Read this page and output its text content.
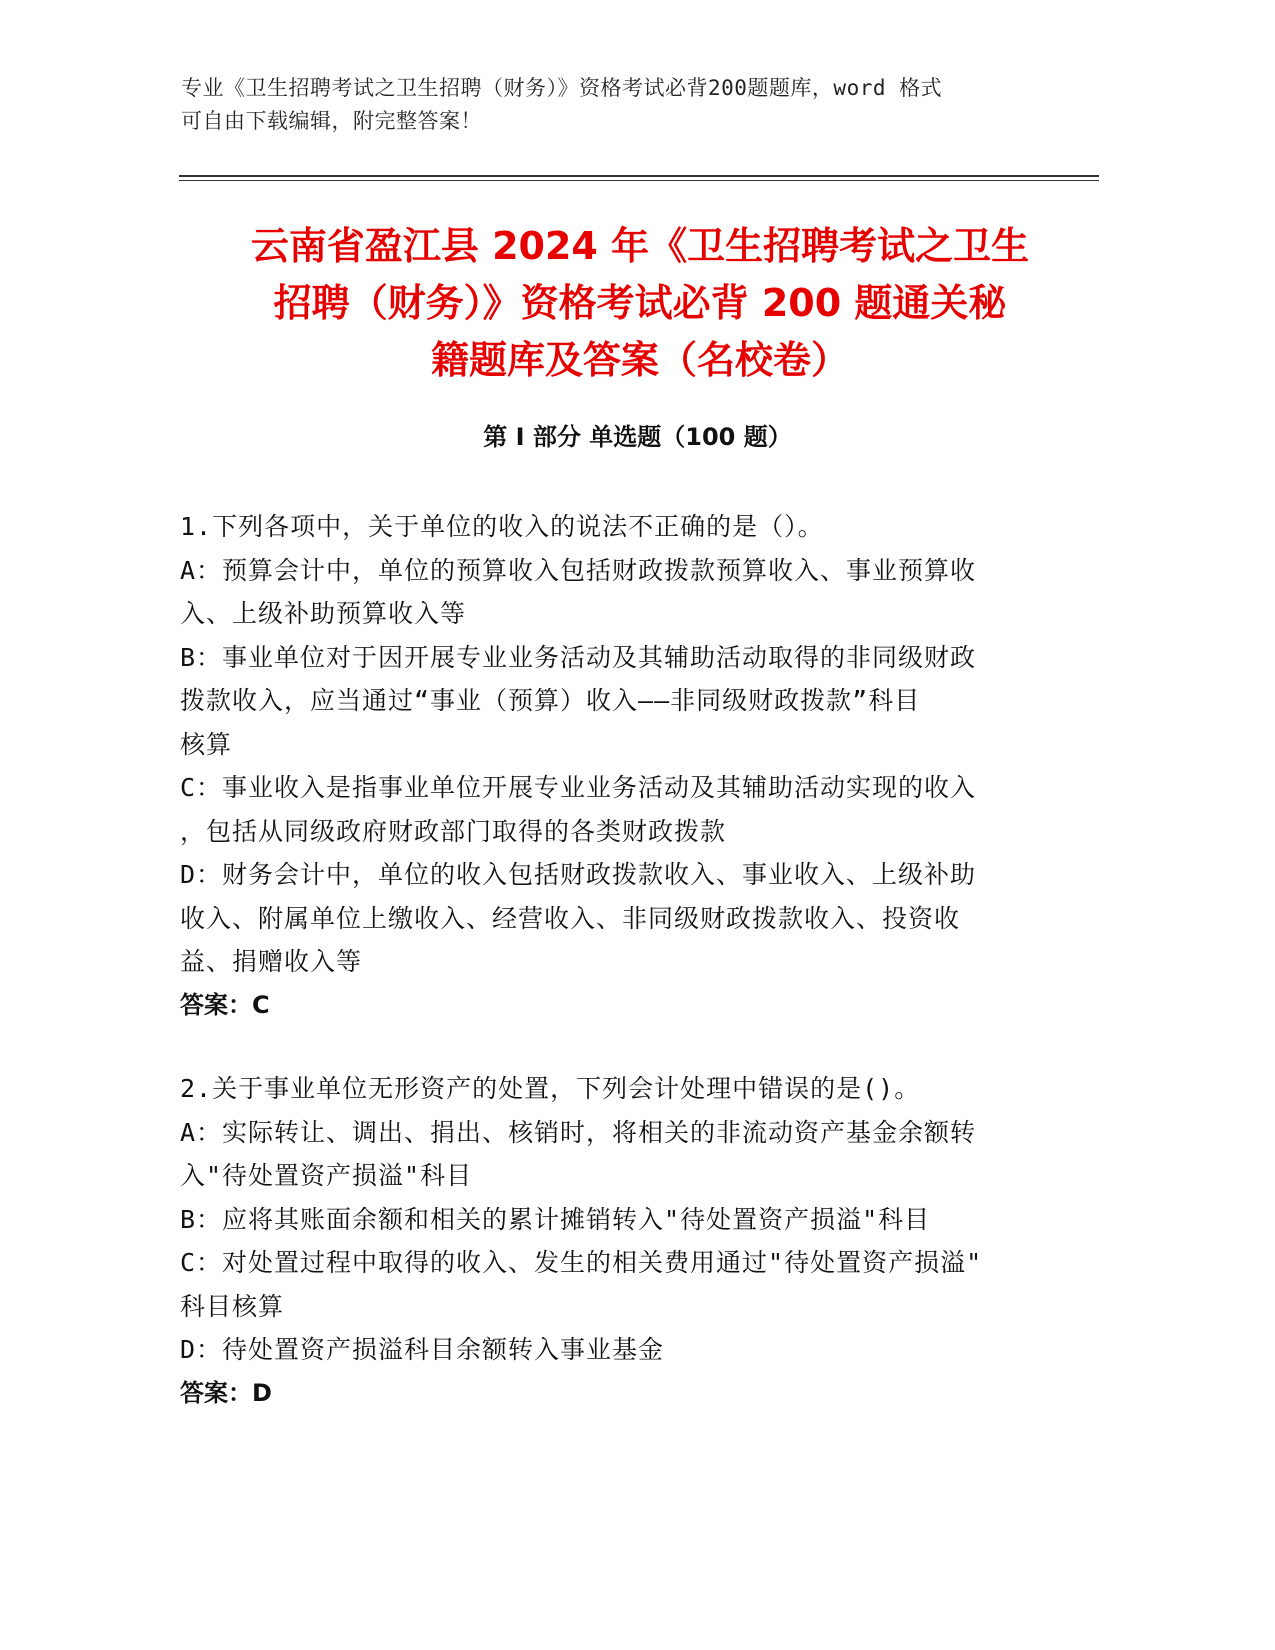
专业《卫生招聘考试之卫生招聘（财务）》资格考试必背200题题库，word 格式
可自由下载编辑，附完整答案！
云南省盈江县 2024 年《卫生招聘考试之卫生
招聘（财务）》资格考试必背 200 题通关秘
籍题库及答案（名校卷）
第 I 部分 单选题（100 题）

1.下列各项中，关于单位的收入的说法不正确的是（）。

A：预算会计中，单位的预算收入包括财政拨款预算收入、事业预算收

入、上级补助预算收入等

B：事业单位对于因开展专业业务活动及其辅助活动取得的非同级财政

拨款收入，应当通过“事业（预算）收入——非同级财政拨款”科目

核算

C：事业收入是指事业单位开展专业业务活动及其辅助活动实现的收入

，包括从同级政府财政部门取得的各类财政拨款

D：财务会计中，单位的收入包括财政拨款收入、事业收入、上级补助

收入、附属单位上缴收入、经营收入、非同级财政拨款收入、投资收

益、捐赠收入等

答案：C

2.关于事业单位无形资产的处置，下列会计处理中错误的是()。

A：实际转让、调出、捐出、核销时，将相关的非流动资产基金余额转

入"待处置资产损溢"科目

B：应将其账面余额和相关的累计摊销转入"待处置资产损溢"科目

C：对处置过程中取得的收入、发生的相关费用通过"待处置资产损溢"

科目核算

D：待处置资产损溢科目余额转入事业基金

答案：D
